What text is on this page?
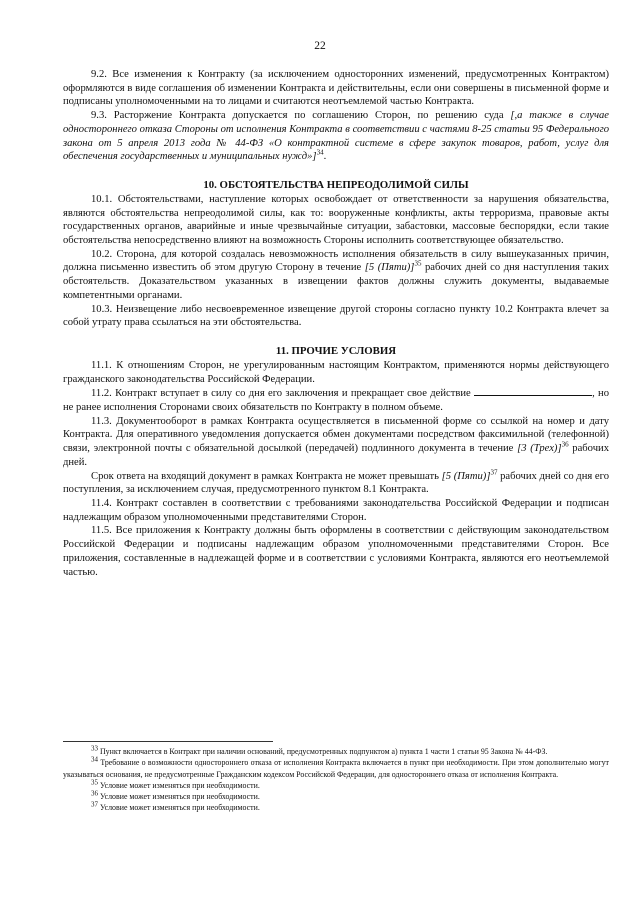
22

9.2. Все изменения к Контракту (за исключением односторонних изменений, предусмотренных Контрактом) оформляются в виде соглашения об изменении Контракта и действительны, если они совершены в письменной форме и подписаны уполномоченными на то лицами и считаются неотъемлемой частью Контракта.

9.3. Расторжение Контракта допускается по соглашению Сторон, по решению суда [,а также в случае одностороннего отказа Стороны от исполнения Контракта в соответствии с частями 8-25 статьи 95 Федерального закона от 5 апреля 2013 года № 44-ФЗ «О контрактной системе в сфере закупок товаров, работ, услуг для обеспечения государственных и муниципальных нужд»]$^{34}$.

10. ОБСТОЯТЕЛЬСТВА НЕПРЕОДОЛИМОЙ СИЛЫ

10.1. Обстоятельствами, наступление которых освобождает от ответственности за нарушения обязательства, являются обстоятельства непреодолимой силы, как то: вооруженные конфликты, акты терроризма, правовые акты государственных органов, аварийные и иные чрезвычайные ситуации, забастовки, массовые беспорядки, если такие обстоятельства непосредственно влияют на возможность Стороны исполнить соответствующее обязательство.

10.2. Сторона, для которой создалась невозможность исполнения обязательств в силу вышеуказанных причин, должна письменно известить об этом другую Сторону в течение [5 (Пяти)]$^{35}$ рабочих дней со дня наступления таких обстоятельств. Доказательством указанных в извещении фактов должны служить документы, выдаваемые компетентными органами.

10.3. Неизвещение либо несвоевременное извещение другой стороны согласно пункту 10.2 Контракта влечет за собой утрату права ссылаться на эти обстоятельства.

11. ПРОЧИЕ УСЛОВИЯ

11.1. К отношениям Сторон, не урегулированным настоящим Контрактом, применяются нормы действующего гражданского законодательства Российской Федерации.

11.2. Контракт вступает в силу со дня его заключения и прекращает свое действие	, но не ранее исполнения Сторонами своих обязательств по Контракту в полном объеме.

11.3. Документооборот в рамках Контракта осуществляется в письменной форме со ссылкой на номер и дату Контракта. Для оперативного уведомления допускается обмен документами посредством факсимильной (телефонной) связи, электронной почты с обязательной досылкой (передачей) подлинного документа в течение [3 (Трех)]$^{36}$ рабочих дней.

Срок ответа на входящий документ в рамках Контракта не может превышать [5 (Пяти)]$^{37}$ рабочих дней со дня его поступления, за исключением случая, предусмотренного пунктом 8.1 Контракта.

11.4. Контракт составлен в соответствии с требованиями законодательства Российской Федерации и подписан надлежащим образом уполномоченными представителями Сторон.

11.5. Все приложения к Контракту должны быть оформлены в соответствии с действующим законодательством Российской Федерации и подписаны надлежащим образом уполномоченными представителями Сторон. Все приложения, составленные в надлежащей форме и в соответствии с условиями Контракта, являются его неотъемлемой частью.

$^{33}$ Пункт включается в Контракт при наличии оснований, предусмотренных подпунктом а) пункта 1 части 1 статьи 95 Закона № 44-ФЗ.

$^{34}$ Требование о возможности одностороннего отказа от исполнения Контракта включается в пункт при необходимости. При этом дополнительно могут указываться основания, не предусмотренные Гражданским кодексом Российской Федерации, для одностороннего отказа от исполнения Контракта.

$^{35}$ Условие может изменяться при необходимости.

$^{36}$ Условие может изменяться при необходимости.

$^{37}$ Условие может изменяться при необходимости.
